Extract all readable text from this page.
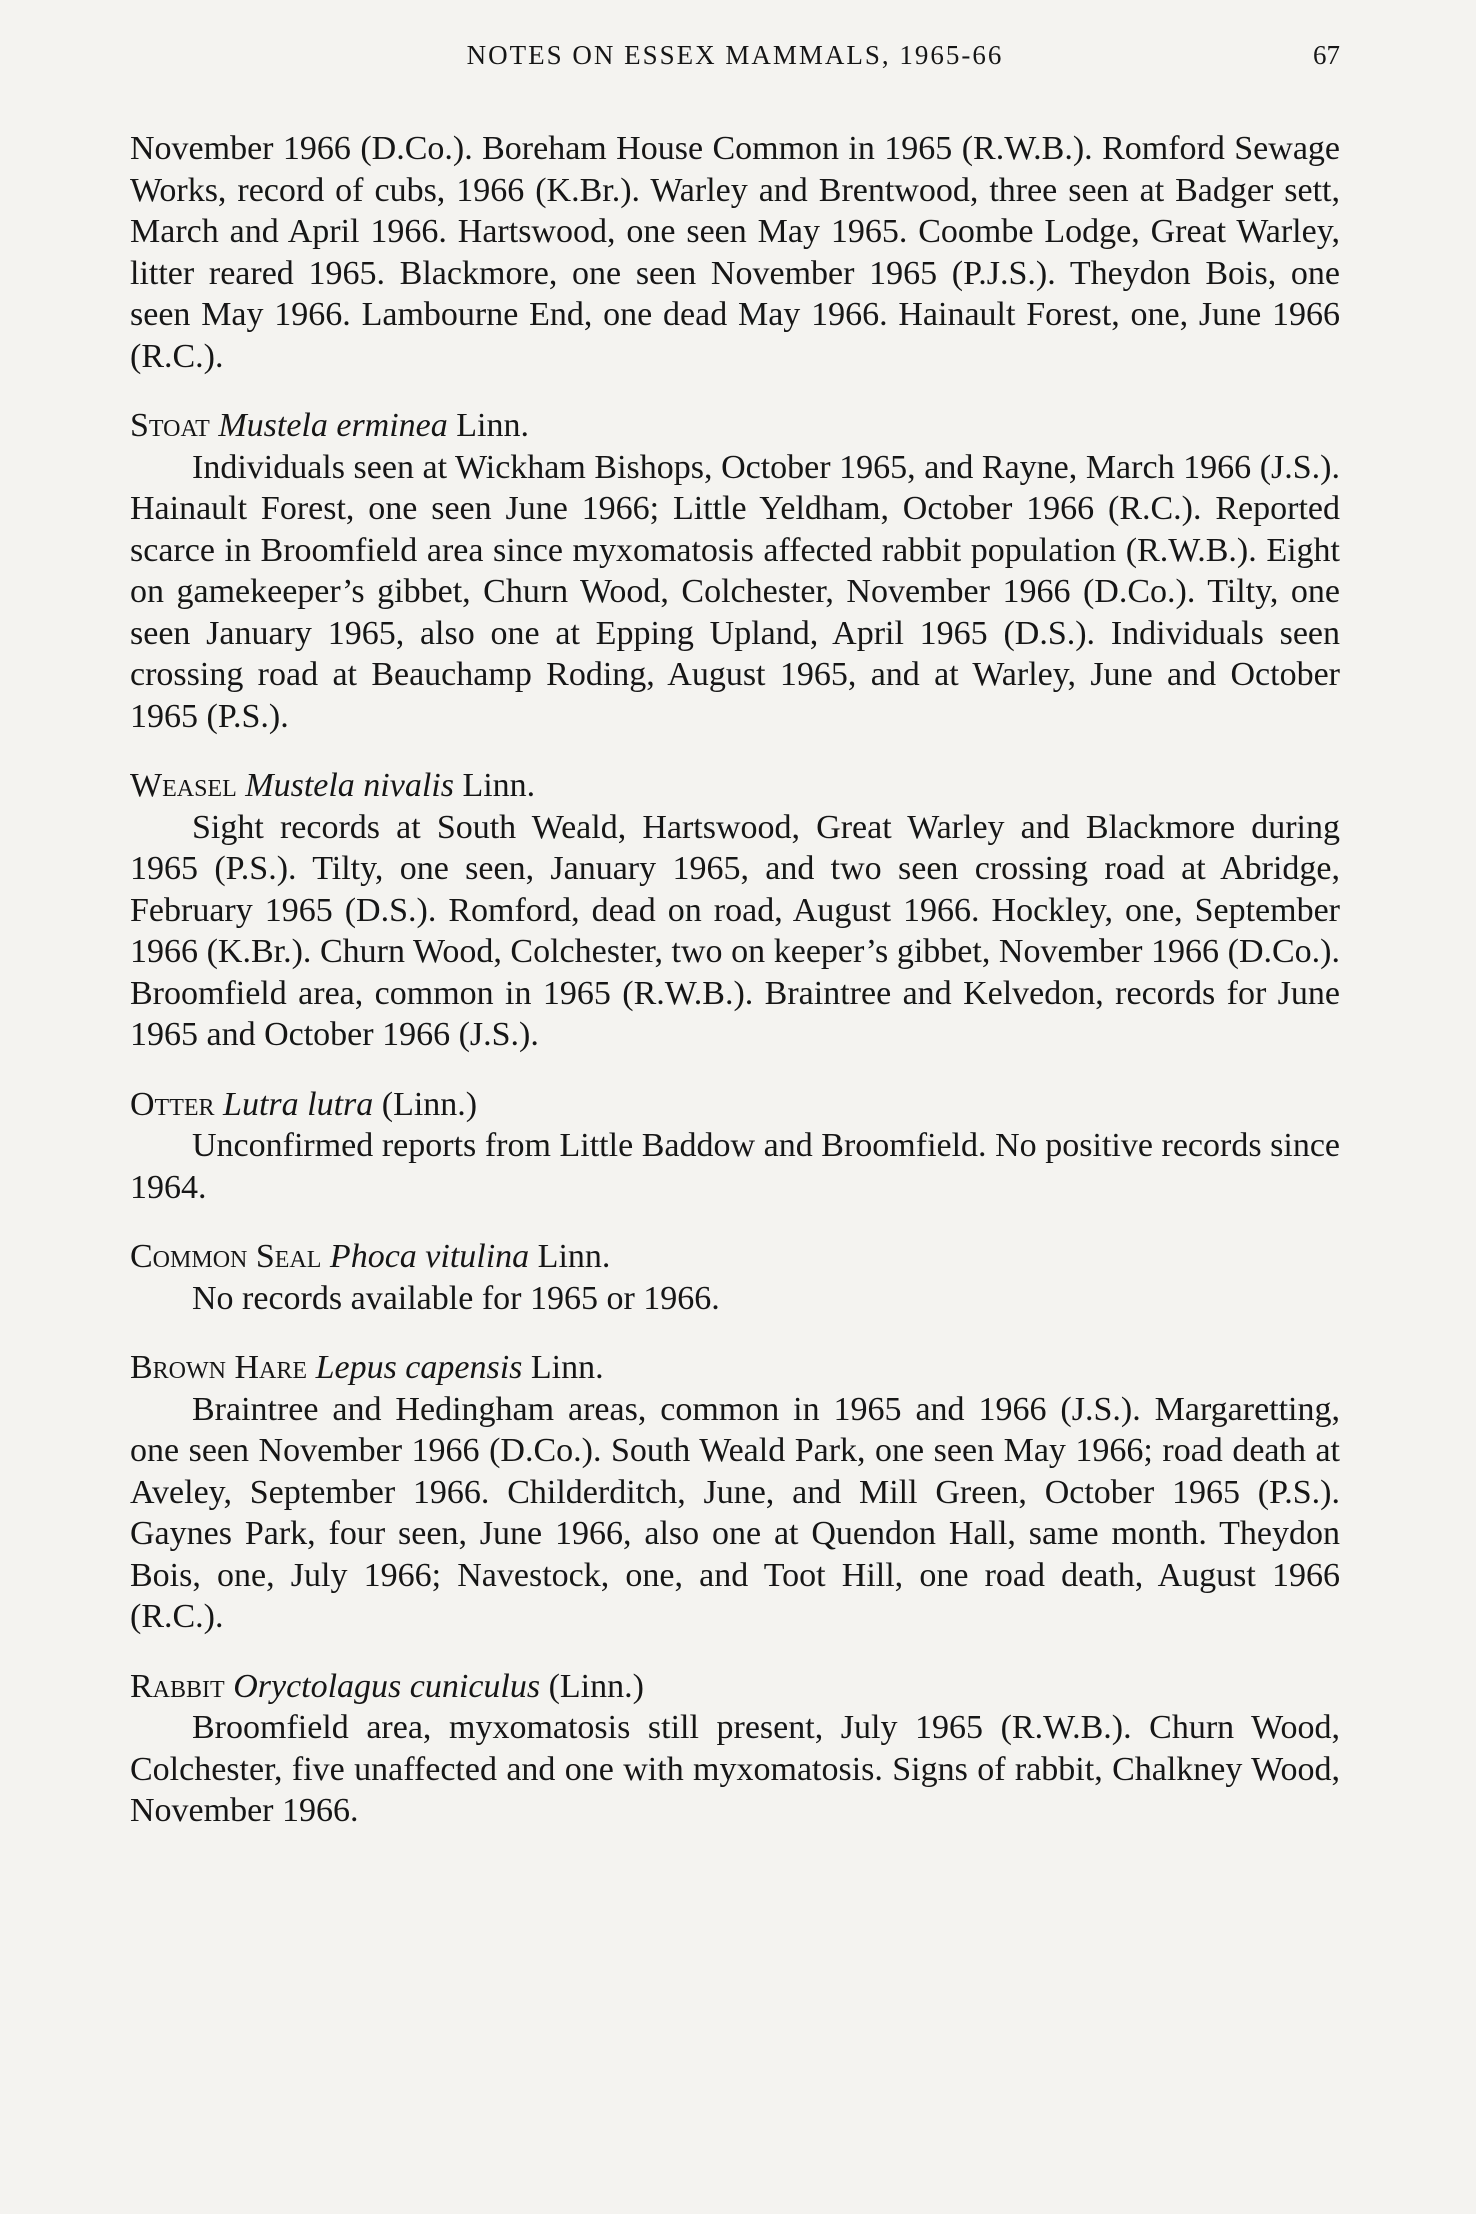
NOTES ON ESSEX MAMMALS, 1965-66	67

November 1966 (D.Co.). Boreham House Common in 1965 (R.W.B.). Romford Sewage Works, record of cubs, 1966 (K.Br.). Warley and Brentwood, three seen at Badger sett, March and April 1966. Hartswood, one seen May 1965. Coombe Lodge, Great Warley, litter reared 1965. Blackmore, one seen November 1965 (P.J.S.). Theydon Bois, one seen May 1966. Lambourne End, one dead May 1966. Hainault Forest, one, June 1966 (R.C.).

Stoat Mustela erminea Linn.

Individuals seen at Wickham Bishops, October 1965, and Rayne, March 1966 (J.S.). Hainault Forest, one seen June 1966; Little Yeldham, October 1966 (R.C.). Reported scarce in Broomfield area since myxomatosis affected rabbit population (R.W.B.). Eight on gamekeeper’s gibbet, Churn Wood, Colchester, November 1966 (D.Co.). Tilty, one seen January 1965, also one at Epping Upland, April 1965 (D.S.). Individuals seen crossing road at Beauchamp Roding, August 1965, and at Warley, June and October 1965 (P.S.).

Weasel Mustela nivalis Linn.

Sight records at South Weald, Hartswood, Great Warley and Blackmore during 1965 (P.S.). Tilty, one seen, January 1965, and two seen crossing road at Abridge, February 1965 (D.S.). Romford, dead on road, August 1966. Hockley, one, September 1966 (K.Br.). Churn Wood, Colchester, two on keeper’s gibbet, November 1966 (D.Co.). Broomfield area, common in 1965 (R.W.B.). Braintree and Kelvedon, records for June 1965 and October 1966 (J.S.).

Otter Lutra lutra (Linn.)

Unconfirmed reports from Little Baddow and Broomfield. No positive records since 1964.

Common Seal Phoca vitulina Linn.

No records available for 1965 or 1966.

Brown Hare Lepus capensis Linn.

Braintree and Hedingham areas, common in 1965 and 1966 (J.S.). Margaretting, one seen November 1966 (D.Co.). South Weald Park, one seen May 1966; road death at Aveley, September 1966. Childerditch, June, and Mill Green, October 1965 (P.S.). Gaynes Park, four seen, June 1966, also one at Quendon Hall, same month. Theydon Bois, one, July 1966; Navestock, one, and Toot Hill, one road death, August 1966 (R.C.).

Rabbit Oryctolagus cuniculus (Linn.)

Broomfield area, myxomatosis still present, July 1965 (R.W.B.). Churn Wood, Colchester, five unaffected and one with myxomatosis. Signs of rabbit, Chalkney Wood, November 1966.
